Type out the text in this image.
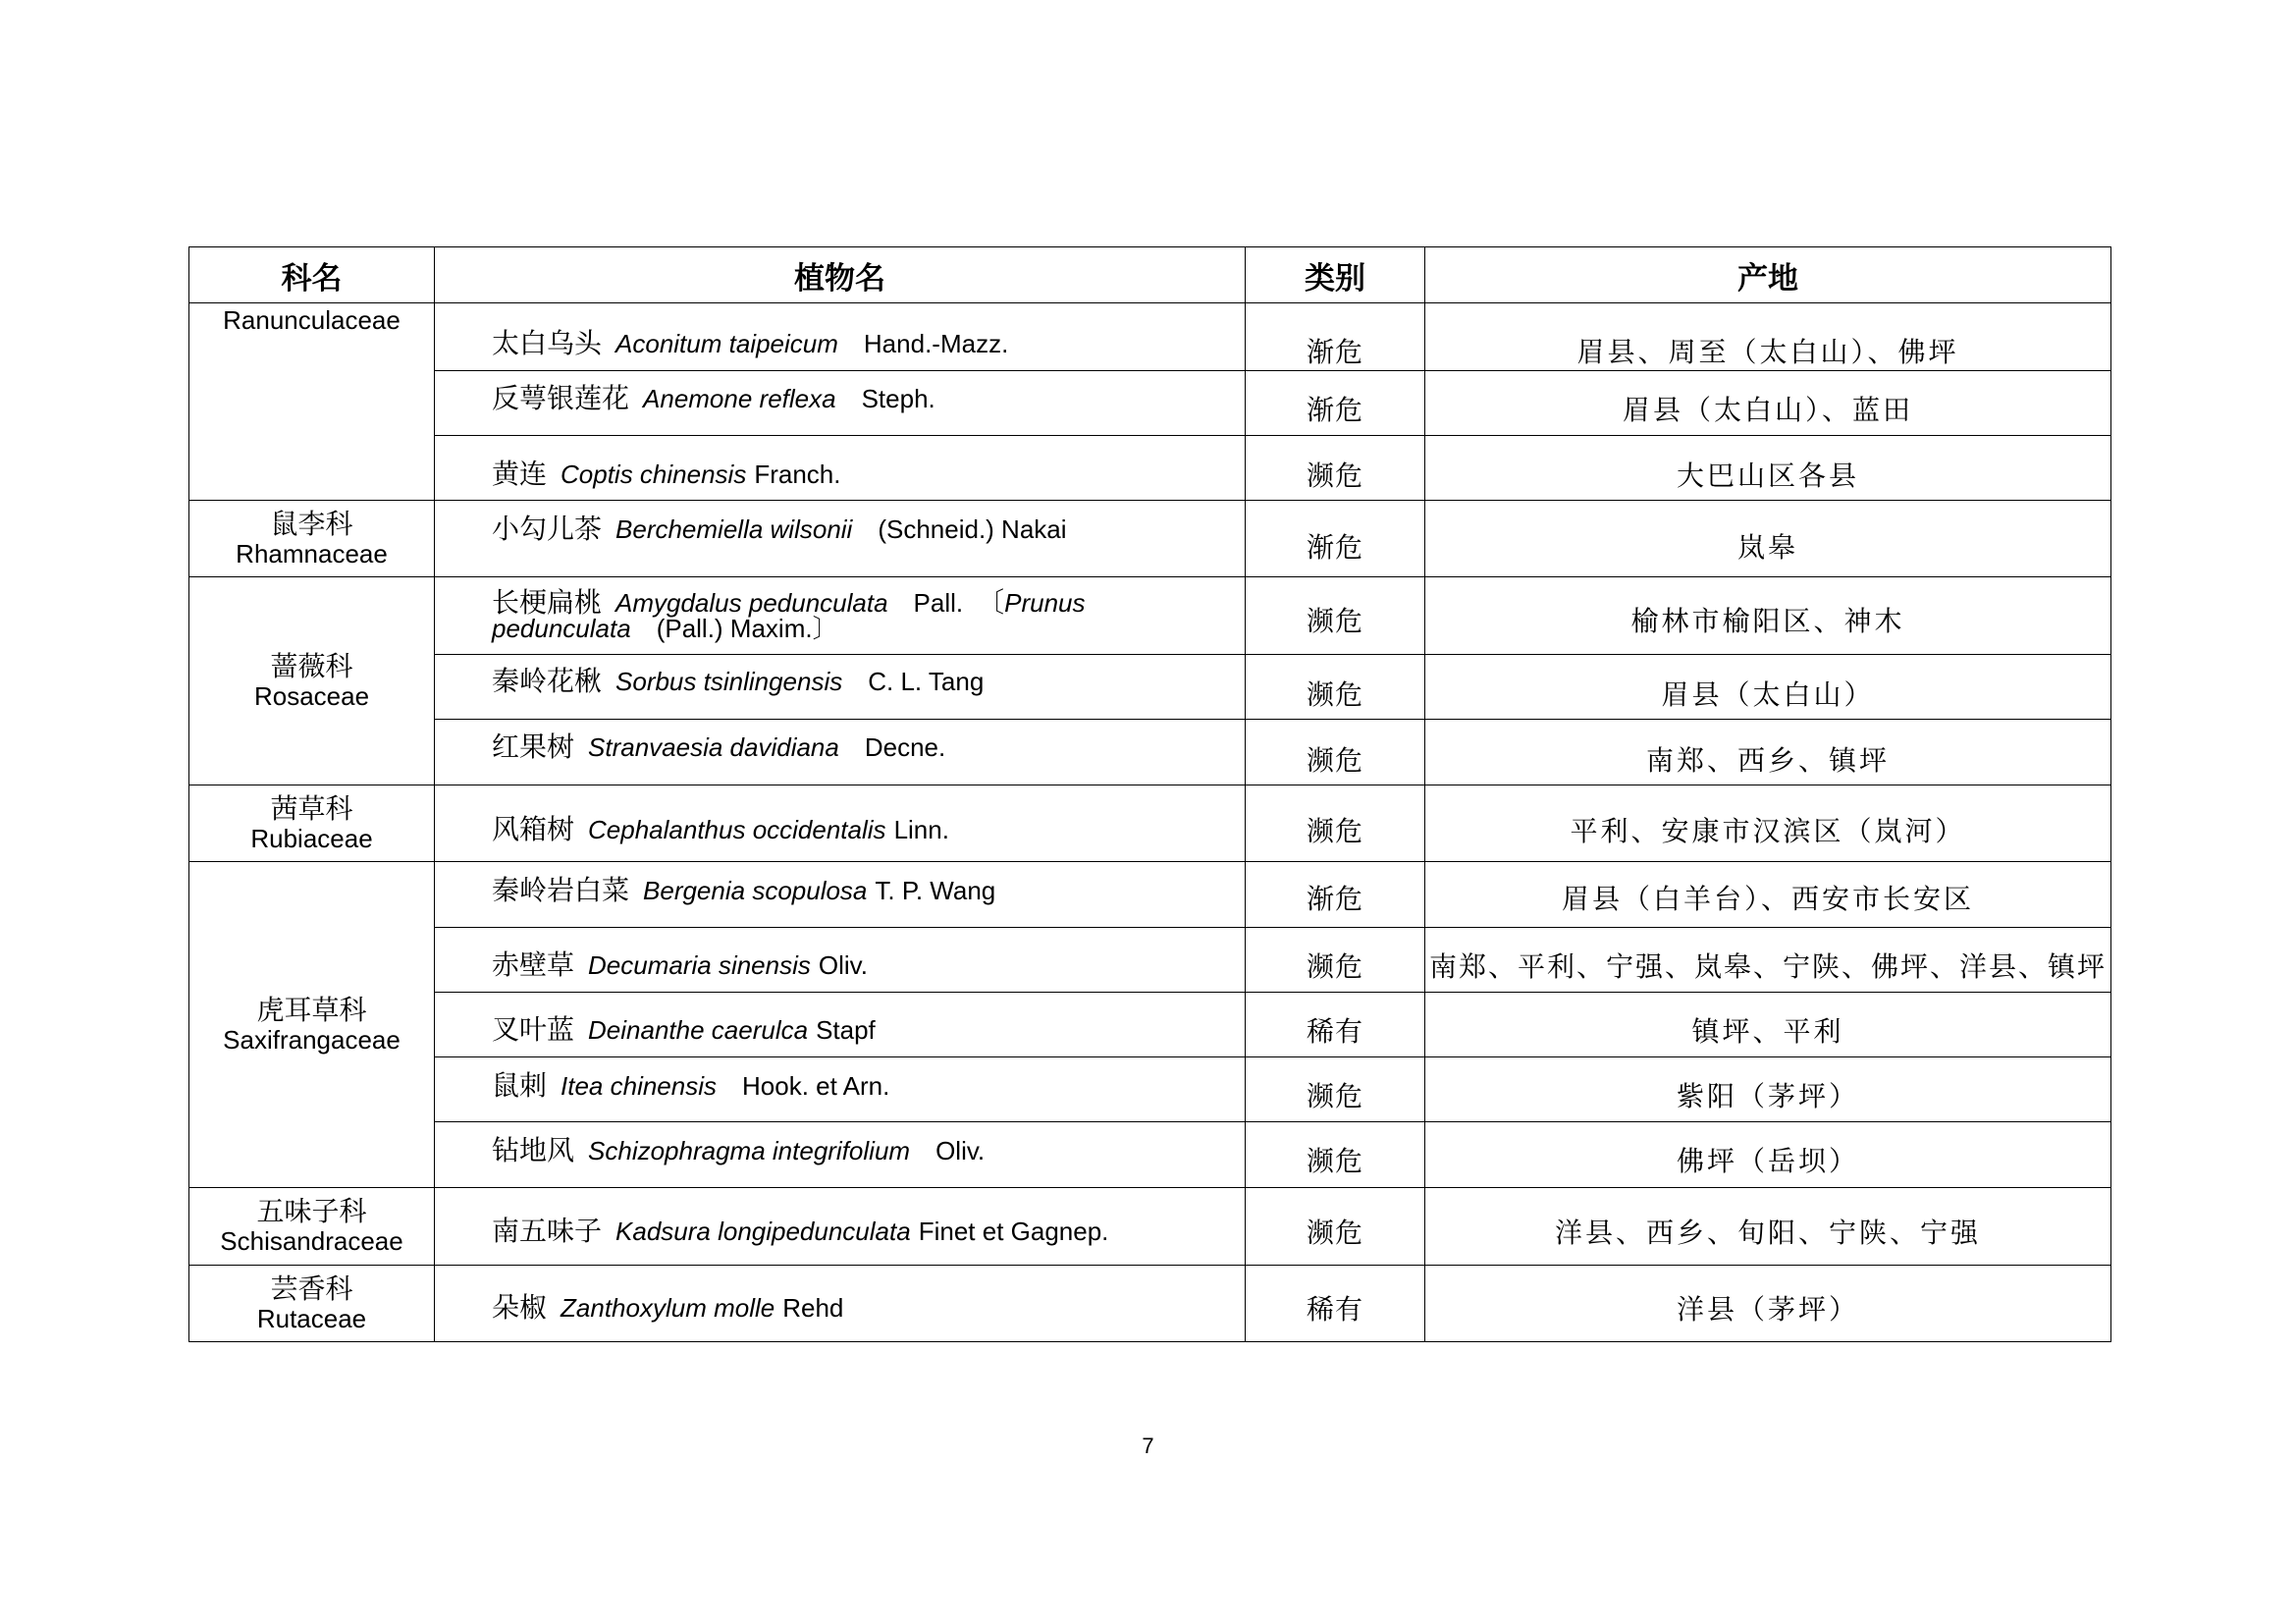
科名	植物名	类别	产地
Ranunculaceae	太白乌头 Aconitum taipeicum Hand.-Mazz.	渐危	眉县、周至（太白山）、佛坪
	反萼银莲花 Anemone reflexa Steph.	渐危	眉县（太白山）、蓝田
	黄连 Coptis chinensis Franch.	濒危	大巴山区各县

鼠李科
Rhamnaceae	小勾儿茶 Berchemiella wilsonii (Schneid.) Nakai	渐危	岚皋

蔷薇科
Rosaceae	长梗扁桃 Amygdalus pedunculata Pall. 〔Prunus pedunculata (Pall.) Maxim.〕	濒危	榆林市榆阳区、神木
	秦岭花楸 Sorbus tsinlingensis C. L. Tang	濒危	眉县（太白山）
	红果树 Stranvaesia davidiana Decne.	濒危	南郑、西乡、镇坪

茜草科
Rubiaceae	风箱树 Cephalanthus occidentalis Linn.	濒危	平利、安康市汉滨区（岚河）

虎耳草科
Saxifrangaceae	秦岭岩白菜 Bergenia scopulosa T. P. Wang	渐危	眉县（白羊台）、西安市长安区
	赤壁草 Decumaria sinensis Oliv.	濒危	南郑、平利、宁强、岚皋、宁陕、佛坪、洋县、镇坪
	叉叶蓝 Deinanthe caerulca Stapf	稀有	镇坪、平利
	鼠刺 Itea chinensis Hook. et Arn.	濒危	紫阳（茅坪）
	钻地风 Schizophragma integrifolium Oliv.	濒危	佛坪（岳坝）

五味子科
Schisandraceae	南五味子 Kadsura longipedunculata Finet et Gagnep.	濒危	洋县、西乡、旬阳、宁陕、宁强

芸香科
Rutaceae	朵椒 Zanthoxylum molle Rehd	稀有	洋县（茅坪）
7
